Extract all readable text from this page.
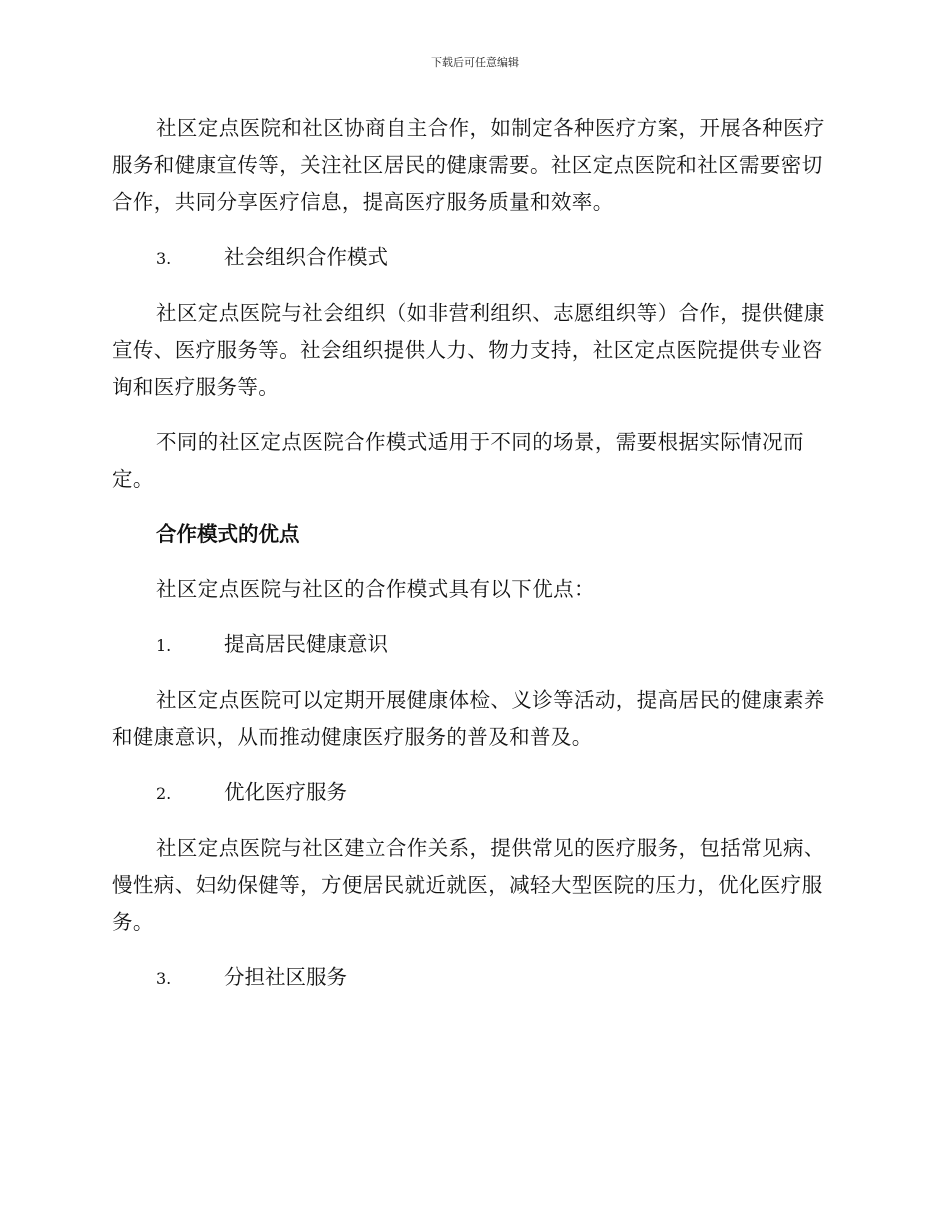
下载后可任意编辑

社区定点医院和社区协商自主合作，如制定各种医疗方案，开展各种医疗服务和健康宣传等，关注社区居民的健康需要。社区定点医院和社区需要密切合作，共同分享医疗信息，提高医疗服务质量和效率。

3.	社会组织合作模式

社区定点医院与社会组织（如非营利组织、志愿组织等）合作，提供健康宣传、医疗服务等。社会组织提供人力、物力支持，社区定点医院提供专业咨询和医疗服务等。

不同的社区定点医院合作模式适用于不同的场景，需要根据实际情况而定。

合作模式的优点

社区定点医院与社区的合作模式具有以下优点：

1.	提高居民健康意识

社区定点医院可以定期开展健康体检、义诊等活动，提高居民的健康素养和健康意识，从而推动健康医疗服务的普及和普及。

2.	优化医疗服务

社区定点医院与社区建立合作关系，提供常见的医疗服务，包括常见病、慢性病、妇幼保健等，方便居民就近就医，减轻大型医院的压力，优化医疗服务。

3.	分担社区服务
